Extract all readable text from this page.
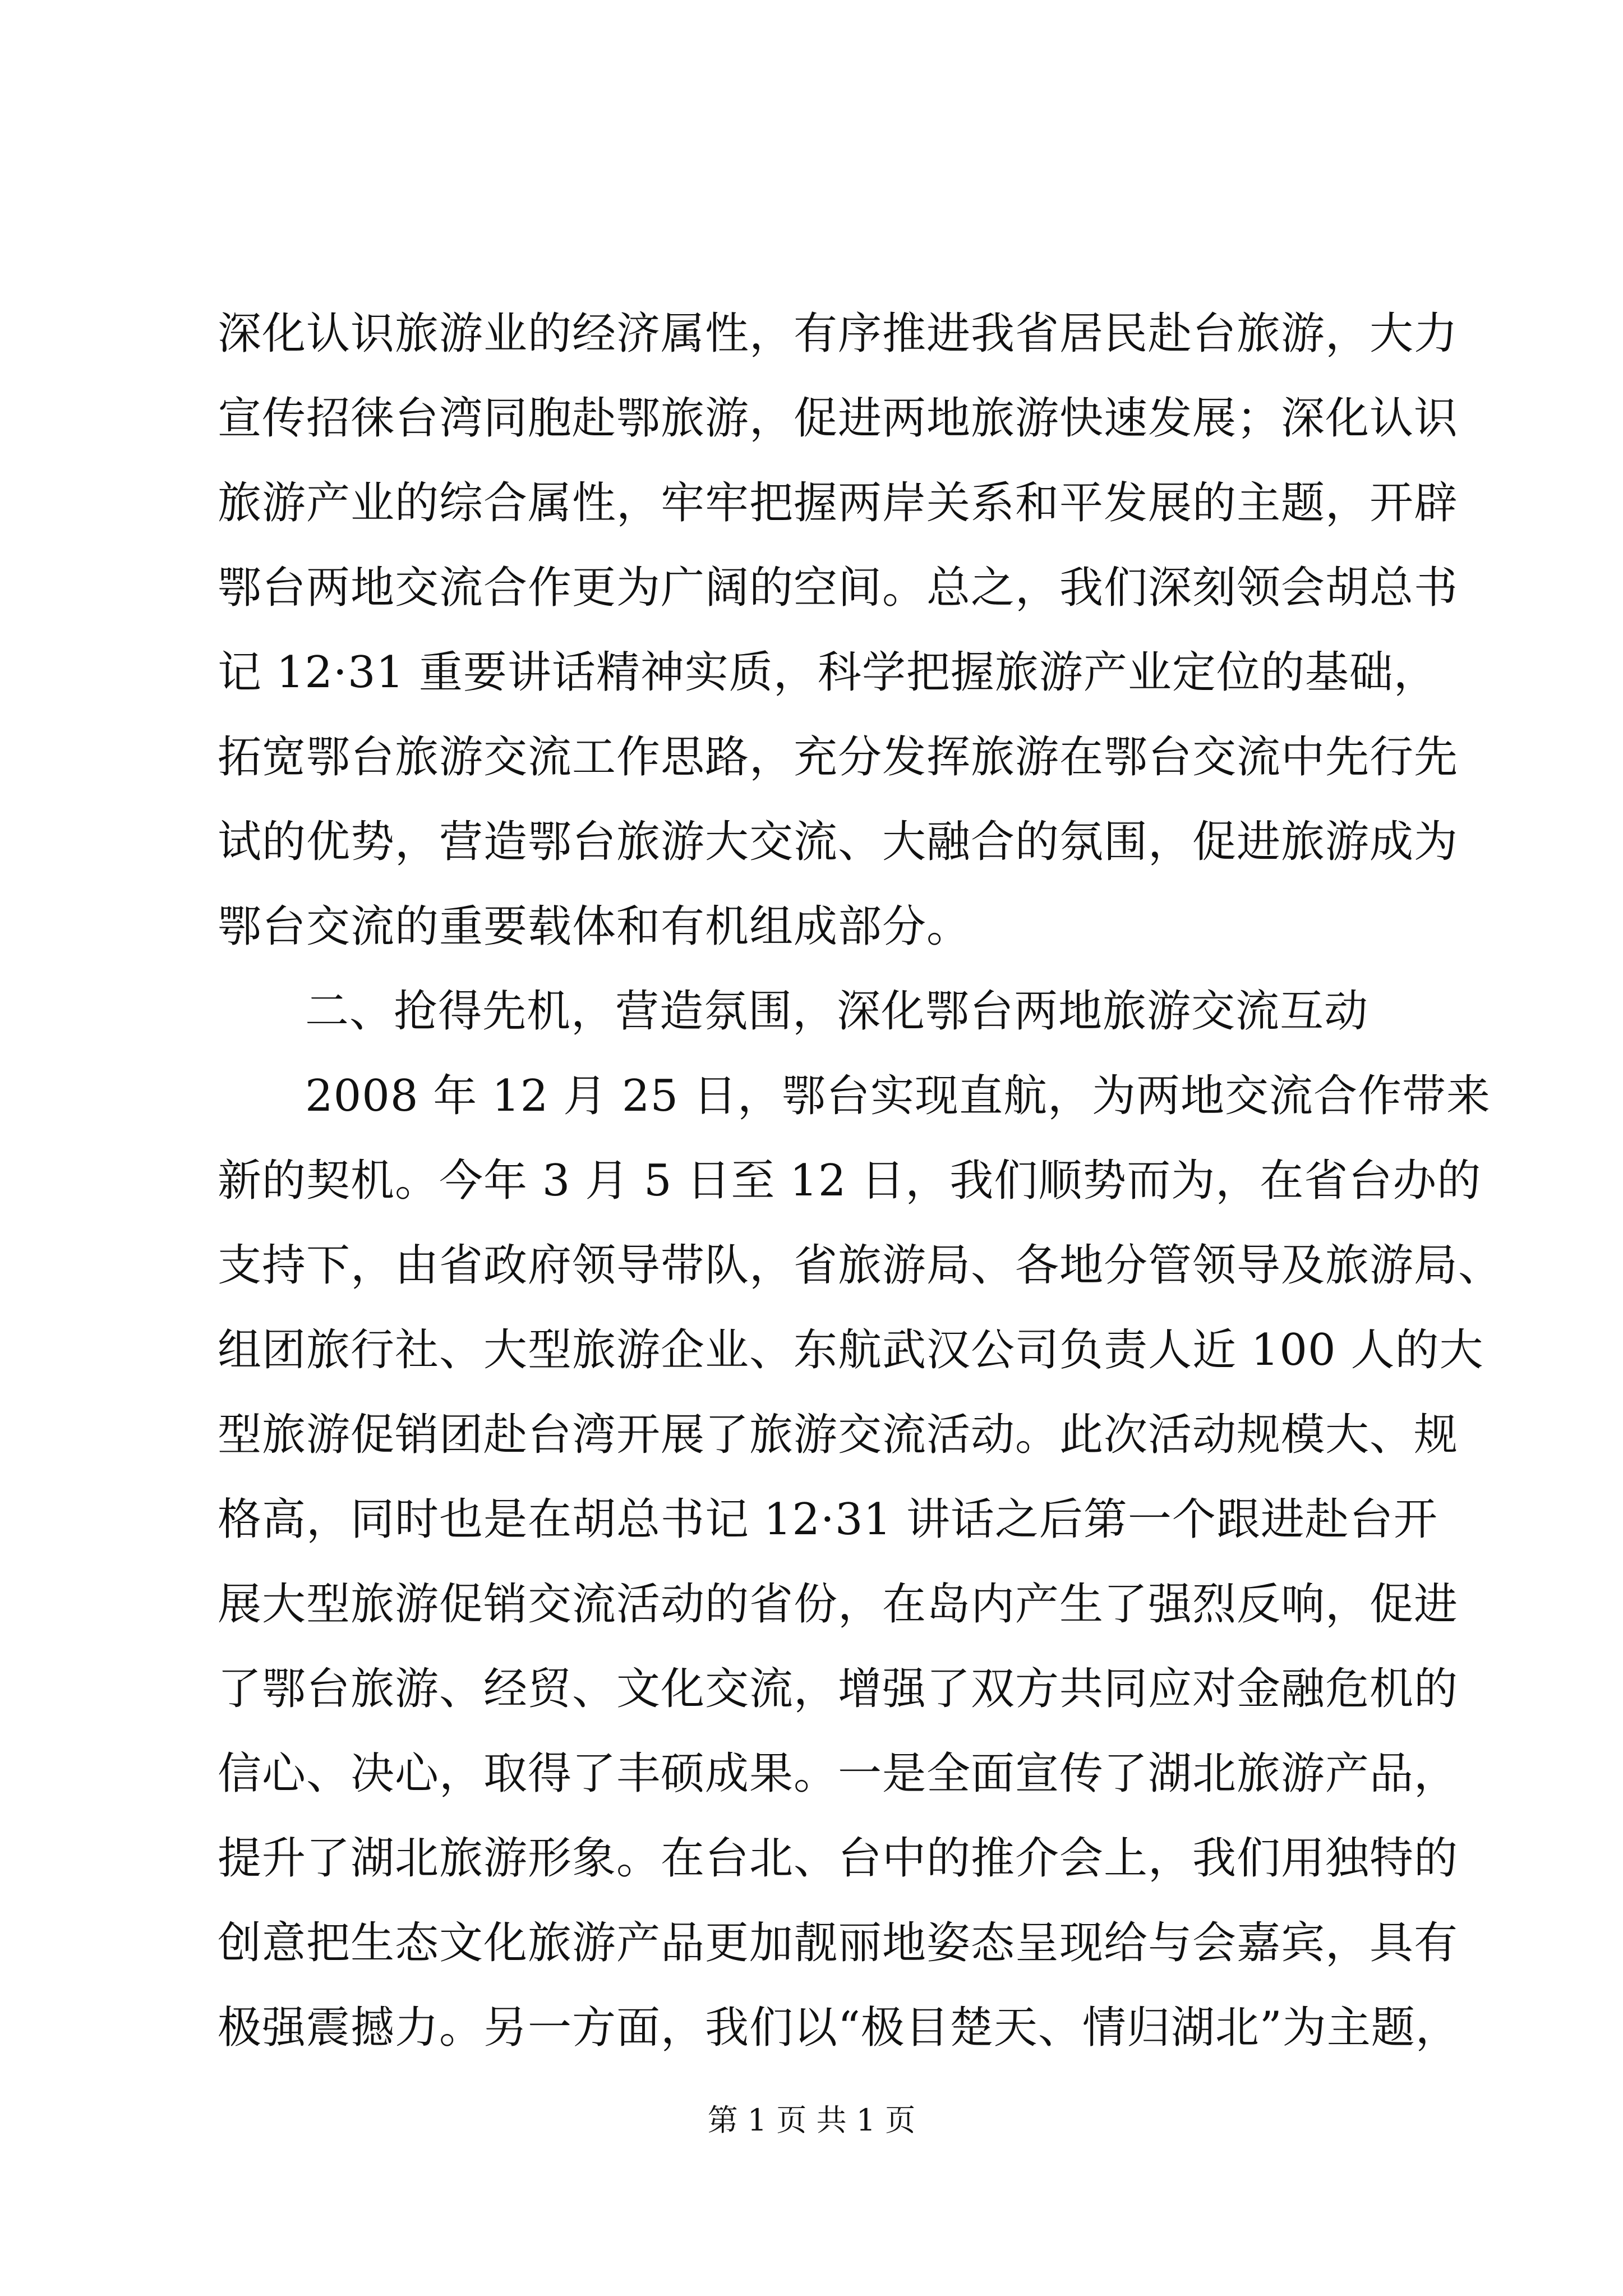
深化认识旅游业的经济属性，有序推进我省居民赴台旅游，大力
宣传招徕台湾同胞赴鄂旅游，促进两地旅游快速发展；深化认识
旅游产业的综合属性，牢牢把握两岸关系和平发展的主题，开辟
鄂台两地交流合作更为广阔的空间。总之，我们深刻领会胡总书
记 12·31 重要讲话精神实质，科学把握旅游产业定位的基础，
拓宽鄂台旅游交流工作思路，充分发挥旅游在鄂台交流中先行先
试的优势，营造鄂台旅游大交流、大融合的氛围，促进旅游成为
鄂台交流的重要载体和有机组成部分。
二、抢得先机，营造氛围，深化鄂台两地旅游交流互动
2008 年 12 月 25 日，鄂台实现直航，为两地交流合作带来
新的契机。今年 3 月 5 日至 12 日，我们顺势而为，在省台办的
支持下，由省政府领导带队，省旅游局、各地分管领导及旅游局、
组团旅行社、大型旅游企业、东航武汉公司负责人近 100 人的大
型旅游促销团赴台湾开展了旅游交流活动。此次活动规模大、规
格高，同时也是在胡总书记 12·31 讲话之后第一个跟进赴台开
展大型旅游促销交流活动的省份，在岛内产生了强烈反响，促进
了鄂台旅游、经贸、文化交流，增强了双方共同应对金融危机的
信心、决心，取得了丰硕成果。一是全面宣传了湖北旅游产品，
提升了湖北旅游形象。在台北、台中的推介会上，我们用独特的
创意把生态文化旅游产品更加靓丽地姿态呈现给与会嘉宾，具有
极强震撼力。另一方面，我们以“极目楚天、情归湖北”为主题，
第 1 页 共 1 页
